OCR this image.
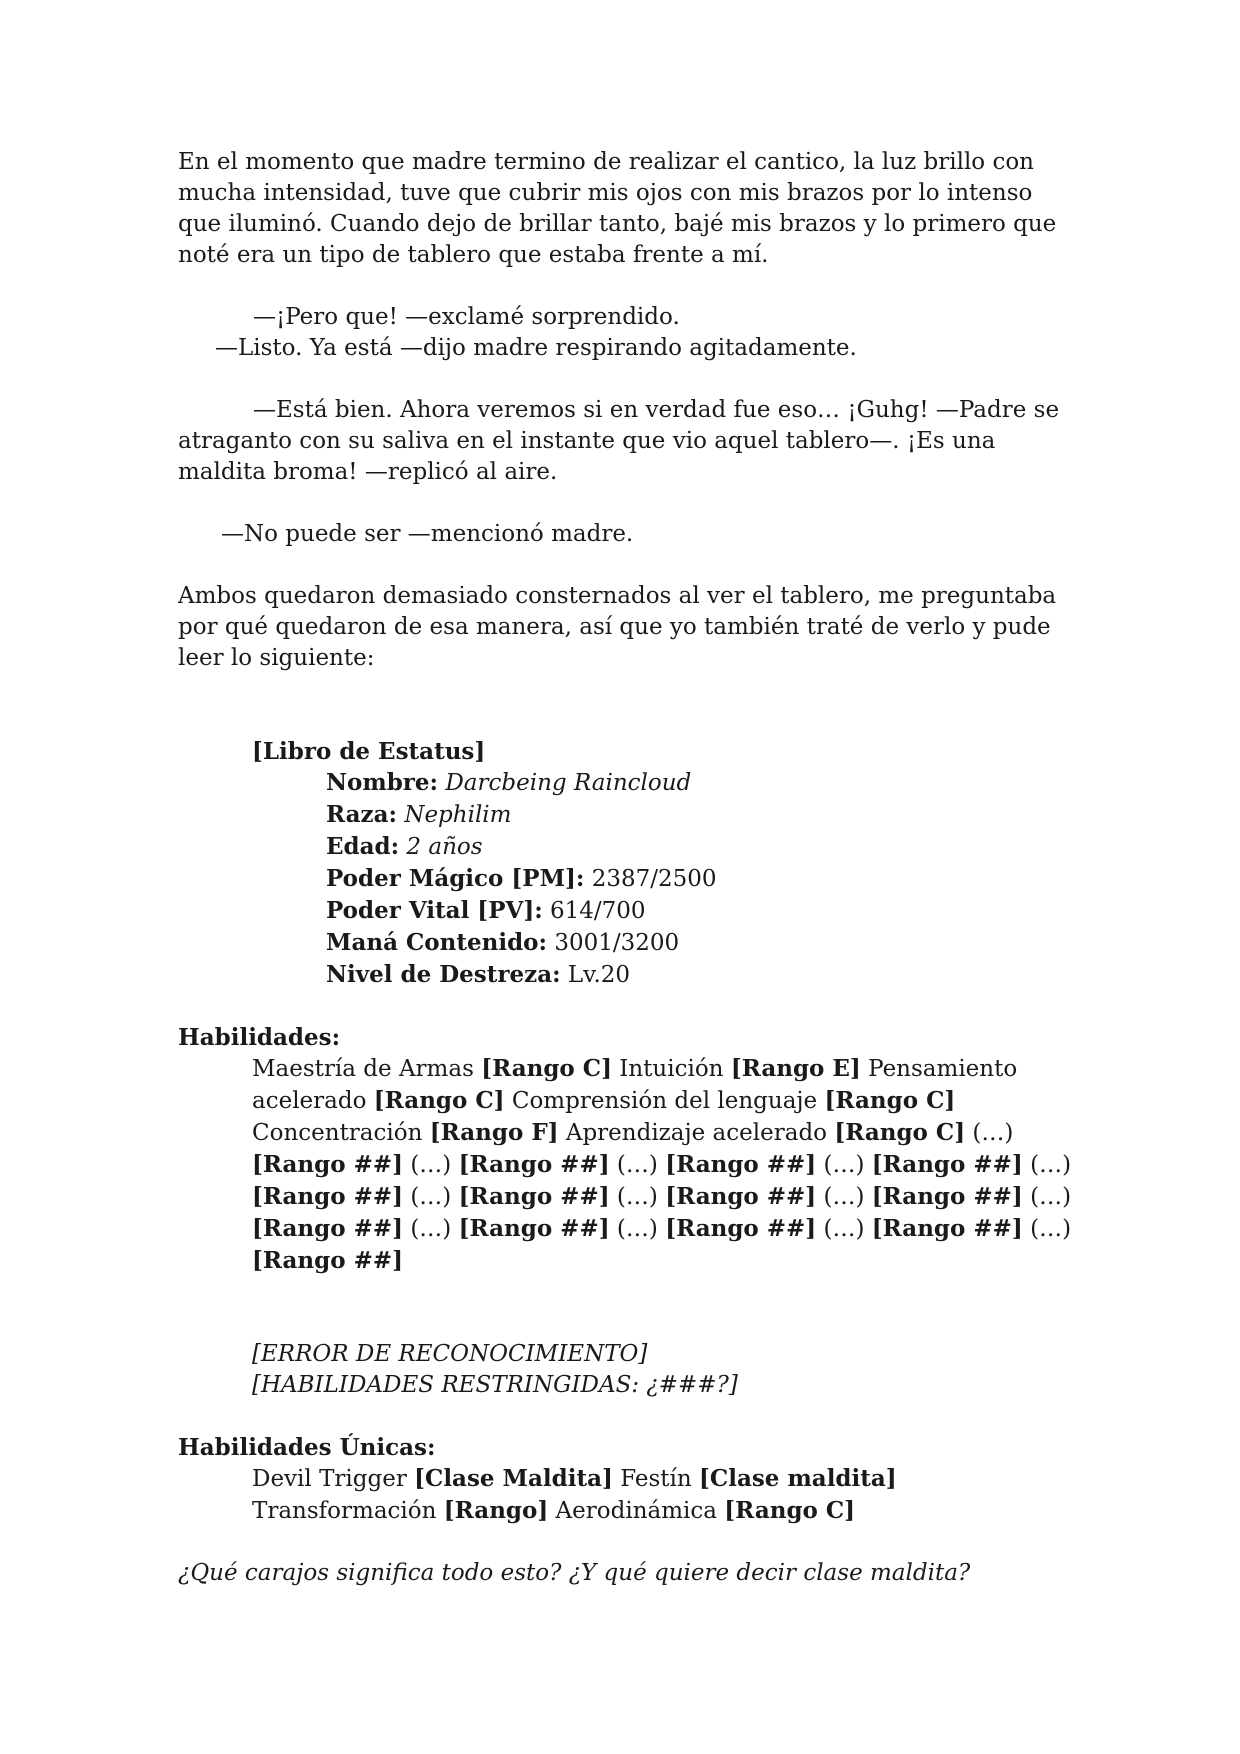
En el momento que madre termino de realizar el cantico, la luz brillo con mucha intensidad, tuve que cubrir mis ojos con mis brazos por lo intenso que iluminó. Cuando dejo de brillar tanto, bajé mis brazos y lo primero que noté era un tipo de tablero que estaba frente a mí.

—¡Pero que! —exclamé sorprendido.

—Listo. Ya está —dijo madre respirando agitadamente.

—Está bien. Ahora veremos si en verdad fue eso… ¡Guhg! —Padre se atraganto con su saliva en el instante que vio aquel tablero—. ¡Es una maldita broma! —replicó al aire.

—No puede ser —mencionó madre.

Ambos quedaron demasiado consternados al ver el tablero, me preguntaba por qué quedaron de esa manera, así que yo también traté de verlo y pude leer lo siguiente:

[Libro de Estatus]

Nombre: Darcbeing Raincloud

Raza: Nephilim

Edad: 2 años

Poder Mágico [PM]: 2387/2500

Poder Vital [PV]: 614/700

Maná Contenido: 3001/3200

Nivel de Destreza: Lv.20

Habilidades:

Maestría de Armas [Rango C] Intuición [Rango E] Pensamiento acelerado [Rango C] Comprensión del lenguaje [Rango C] Concentración [Rango F] Aprendizaje acelerado [Rango C] (…) [Rango ##] (…) [Rango ##] (…) [Rango ##] (…) [Rango ##] (…) [Rango ##] (…) [Rango ##] (…) [Rango ##] (…) [Rango ##] (…) [Rango ##] (…) [Rango ##] (…) [Rango ##] (…) [Rango ##] (…) [Rango ##]

[ERROR DE RECONOCIMIENTO]

[HABILIDADES RESTRINGIDAS: ¿###?]

Habilidades Únicas:

Devil Trigger [Clase Maldita] Festín [Clase maldita] Transformación [Rango] Aerodinámica [Rango C]

¿Qué carajos significa todo esto? ¿Y qué quiere decir clase maldita?
